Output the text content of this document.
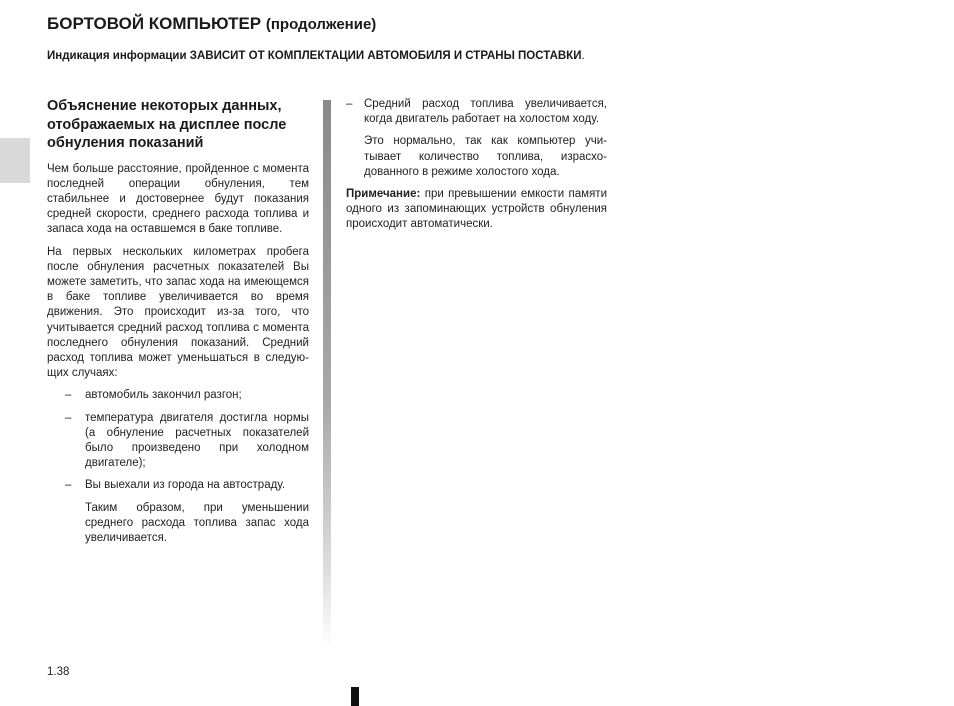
БОРТОВОЙ КОМПЬЮТЕР (продолжение)
Индикация информации ЗАВИСИТ ОТ КОМПЛЕКТАЦИИ АВТОМОБИЛЯ И СТРАНЫ ПОСТАВКИ.
Объяснение некоторых данных, отображаемых на дисплее после обнуления показаний

Чем больше расстояние, пройденное с момента последней операции обнуления, тем стабильнее и достовернее будут показания средней скорости, среднего расхода топлива и запаса хода на оставшемся в баке топливе.

На первых нескольких километрах пробега после обнуления расчетных показателей Вы можете заметить, что запас хода на имеющемся в баке топливе увеличивается во время движения. Это происходит из-за того, что учитывается средний расход топлива с момента последнего обнуления показаний. Средний расход топлива может уменьшаться в следующих случаях:

– автомобиль закончил разгон;
– температура двигателя достигла нормы (а обнуление расчетных показателей было произведено при холодном двигателе);
– Вы выехали из города на автостраду.

Таким образом, при уменьшении среднего расхода топлива запас хода увеличивается.

– Средний расход топлива увеличивается, когда двигатель работает на холостом ходу.

Это нормально, так как компьютер учитывает количество топлива, израсходованного в режиме холостого хода.

Примечание: при превышении емкости памяти одного из запоминающих устройств обнуления происходит автоматически.

1.38
